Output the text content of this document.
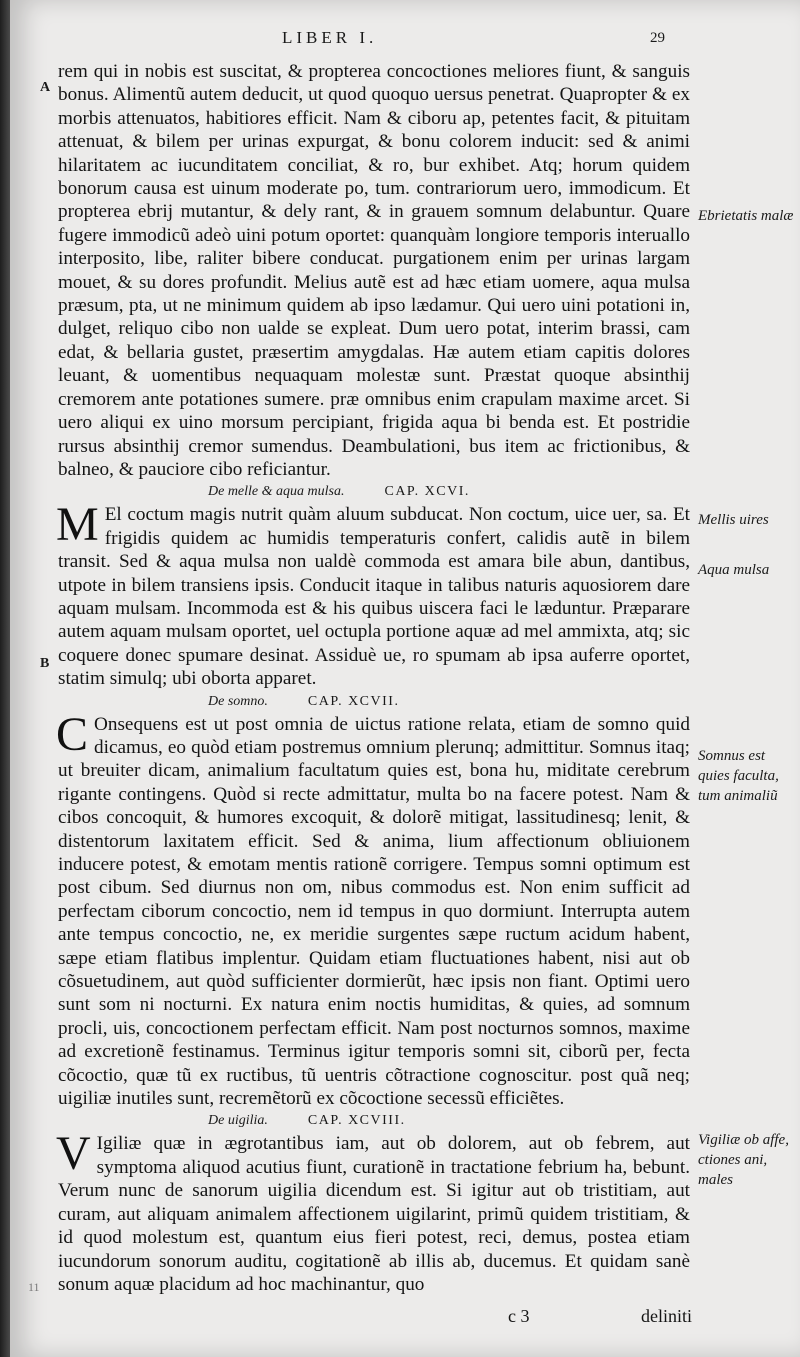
LIBER I.	29
A
B

rem qui in nobis est suscitat, & propterea concoctiones meliores fiunt, & sanguis bonus. Alimentũ autem deducit, ut quod quoquo uersus penetrat. Quapropter & ex morbis attenuatos, habitiores efficit. Nam & ciboru ap, petentes facit, & pituitam attenuat, & bilem per urinas expurgat, & bonu colorem inducit: sed & animi hilaritatem ac iucunditatem conciliat, & ro, bur exhibet. Atq; horum quidem bonorum causa est uinum moderate po, tum. contrariorum uero, immodicum. Et propterea ebrij mutantur, & dely rant, & in grauem somnum delabuntur. Quare fugere immodicũ adeò uini potum oportet: quanquàm longiore temporis interuallo interposito, libe, raliter bibere conducat. purgationem enim per urinas largam mouet, & su dores profundit. Melius autẽ est ad hæc etiam uomere, aqua mulsa præsum, pta, ut ne minimum quidem ab ipso lædamur. Qui uero uini potationi in, dulget, reliquo cibo non ualde se expleat. Dum uero potat, interim brassi, cam edat, & bellaria gustet, præsertim amygdalas. Hæ autem etiam capitis dolores leuant, & uomentibus nequaquam molestæ sunt. Præstat quoque absinthij cremorem ante potationes sumere. præ omnibus enim crapulam maxime arcet. Si uero aliqui ex uino morsum percipiant, frigida aqua bi benda est. Et postridie rursus absinthij cremor sumendus. Deambulationi, bus item ac frictionibus, & balneo, & pauciore cibo reficiantur.

De melle & aqua mulsa.	CAP. XCVI.

M El coctum magis nutrit quàm aluum subducat. Non coctum, uice uer, sa. Et frigidis quidem ac humidis temperaturis confert, calidis autẽ in bilem transit. Sed & aqua mulsa non ualdè commoda est amara bile abun, dantibus, utpote in bilem transiens ipsis. Conducit itaque in talibus naturis aquosiorem dare aquam mulsam. Incommoda est & his quibus uiscera faci le læduntur. Præparare autem aquam mulsam oportet, uel octupla portione aquæ ad mel ammixta, atq; sic coquere donec spumare desinat. Assiduè ue, ro spumam ab ipsa auferre oportet, statim simulq; ubi oborta apparet.

De somno.	CAP. XCVII.

C Onsequens est ut post omnia de uictus ratione relata, etiam de somno quid dicamus, eo quòd etiam postremus omnium plerunq; admittitur. Somnus itaq; ut breuiter dicam, animalium facultatum quies est, bona hu, miditate cerebrum rigante contingens. Quòd si recte admittatur, multa bo na facere potest. Nam & cibos concoquit, & humores excoquit, & dolorẽ mitigat, lassitudinesq; lenit, & distentorum laxitatem efficit. Sed & anima, lium affectionum obliuionem inducere potest, & emotam mentis rationẽ corrigere. Tempus somni optimum est post cibum. Sed diurnus non om, nibus commodus est. Non enim sufficit ad perfectam ciborum concoctio, nem id tempus in quo dormiunt. Interrupta autem ante tempus concoctio, ne, ex meridie surgentes sæpe ructum acidum habent, sæpe etiam flatibus implentur. Quidam etiam fluctuationes habent, nisi aut ob cõsuetudinem, aut quòd sufficienter dormierũt, hæc ipsis non fiant. Optimi uero sunt som ni nocturni. Ex natura enim noctis humiditas, & quies, ad somnum procli, uis, concoctionem perfectam efficit. Nam post nocturnos somnos, maxime ad excretionẽ festinamus. Terminus igitur temporis somni sit, ciborũ per, fecta cõcoctio, quæ tũ ex ructibus, tũ uentris cõtractione cognoscitur. post quã neq; uigiliæ inutiles sunt, recremẽtorũ ex cõcoctione secessũ efficiẽtes.

De uigilia.	CAP. XCVIII.

V Igiliæ quæ in ægrotantibus iam, aut ob dolorem, aut ob febrem, aut symptoma aliquod acutius fiunt, curationẽ in tractatione febrium ha, bebunt. Verum nunc de sanorum uigilia dicendum est. Si igitur aut ob tristitiam, aut curam, aut aliquam animalem affectionem uigilarint, primũ quidem tristitiam, & id quod molestum est, quantum eius fieri potest, reci, demus, postea etiam iucundorum sonorum auditu, cogitationẽ ab illis ab, ducemus. Et quidam sanè sonum aquæ placidum ad hoc machinantur, quo

Ebrietatis malæ
Mellis uires
Aqua mulsa
Somnus est quies faculta, tum animaliũ
Vigiliæ ob affe, ctiones ani, males
c 3	deliniti
11
